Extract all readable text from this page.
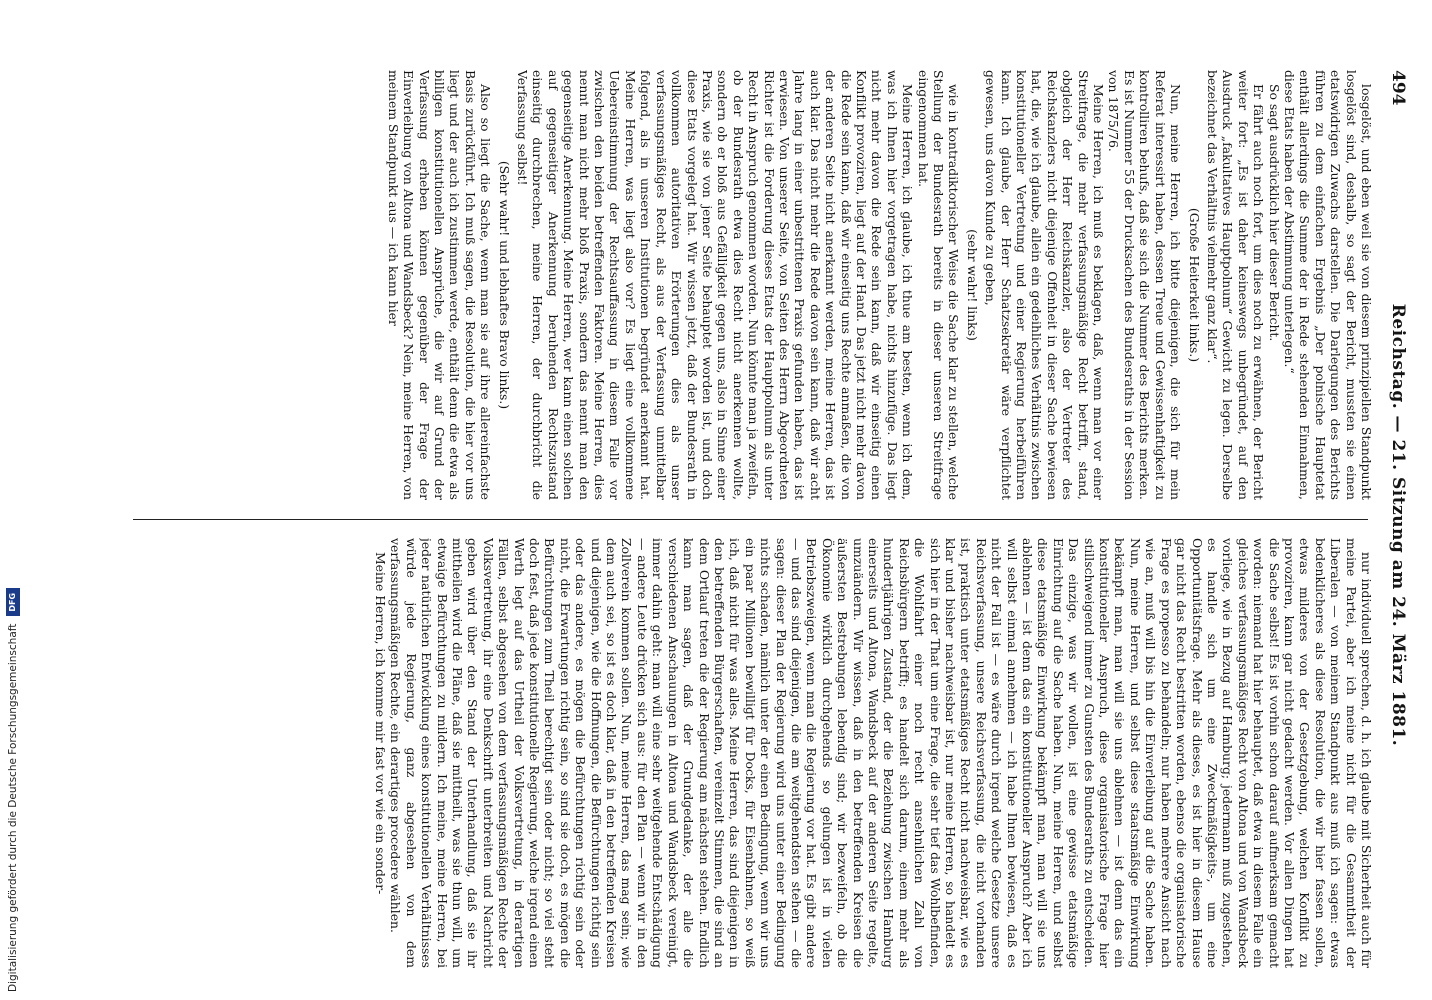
494
Reichstag. — 21. Sitzung am 24. März 1881.

losgelöst, und eben weil sie von diesem prinzipiellen Standpunkt losgelöst sind, deshalb, so sagt der Bericht, mussten sie einen etatswidrigen Zuwachs darstellen. Die Darlegungen des Berichts führen zu dem einfachen Ergebnis „Der polnische Hauptetat enthält allerdings die Summe der in Rede stehenden Einnahmen, diese Etats haben der Abstimmung unterlegen.“

So sagt ausdrücklich hier dieser Bericht.

Er fährt auch noch fort, um dies noch zu erwähnen, der Bericht weiter fort: „Es ist daher keineswegs unbegründet, auf den Ausdruck „fakultatives Hauptpolnum“ Gewicht zu legen. Derselbe bezeichnet das Verhältnis vielmehr ganz klar“.

(Große Heiterkeit links.)

Nun, meine Herren, ich bitte diejenigen, die sich für mein Referat interessirt haben, dessen Treue und Gewissenhaftigkeit zu kontrolliren behufs, daß sie sich die Nummer des Berichts merken. Es ist Nummer 55 der Drucksachen des Bundesraths in der Session von 1875/76.

Meine Herren, ich muß es beklagen, daß, wenn man vor einer Streitfrage, die mehr verfassungsmäßige Recht betrifft, stand, obgleich der Herr Reichskanzler, also der Vertreter des Reichskanzlers nicht diejenige Offenheit in dieser Sache bewiesen hat, die, wie ich glaube, allein ein gedeihliches Verhältnis zwischen konstitutioneller Vertretung und einer Regierung herbeiführen kann. Ich glaube, der Herr Schatzsekretär wäre verpflichtet gewesen, uns davon Kunde zu geben,

(sehr wahr! links)

wie in kontradiktorischer Weise die Sache klar zu stellen, welche Stellung der Bundesrath bereits in dieser unseren Streitfrage eingenommen hat.

Meine Herren, ich glaube, ich thue am besten, wenn ich dem, was ich Ihnen hier vorgetragen habe, nichts hinzufüge. Das liegt nicht mehr davon die Rede sein kann, daß wir einseitig einen Konflikt provoziren, liegt auf der Hand. Das jetzt nicht mehr davon die Rede sein kann, daß wir einseitig uns Rechte anmaßen, die von der anderen Seite nicht anerkannt werden, meine Herren, das ist auch klar. Das nicht mehr die Rede davon sein kann, daß wir acht Jahre lang in einer unbestrittenen Praxis gefunden haben, das ist erwiesen. Von unserer Seite, von Seiten des Herrn Abgeordneten Richter ist die Forderung dieses Etats der Hauptpolnum als unter Recht in Anspruch genommen worden. Nun könnte man ja zweifeln, ob der Bundesrath etwa dies Recht nicht anerkennen wollte, sondern ob er bloß aus Gefälligkeit gegen uns, also in Sinne einer Praxis, wie sie von jener Seite behauptet worden ist, und doch diese Etats vorgelegt hat. Wir wissen jetzt, daß der Bundesrath in vollkommen autoritativen Erörterungen dies als unser verfassungsmäßiges Recht, als aus der Verfassung unmittelbar folgend, als in unseren Institutionen begründet anerkannt hat. Meine Herren, was liegt also vor? Es liegt eine vollkommene Uebereinstimmung der Rechtsauffassung in diesem Falle vor zwischen den beiden betreffenden Faktoren. Meine Herren, dies nennt man nicht mehr bloß Praxis, sondern das nennt man den gegenseitige Anerkennung. Meine Herren, wer kann einen solchen auf gegenseitiger Anerkennung beruhenden Rechtszustand einseitig durchbrechen, meine Herren, der durchbricht die Verfassung selbst!

(Sehr wahr! und lebhaftes Bravo links.)

Also so liegt die Sache, wenn man sie auf ihre allereinfachste Basis zurückführt. Ich muß sagen, die Resolution, die hier vor uns liegt und der auch ich zustimmen werde, enthält denn die etwa als billigen konstitutionellen Ansprüche, die wir auf Grund der Verfassung erheben können gegenüber der Frage der Einverleibung von Altona und Wandsbeck? Nein, meine Herren, von meinem Standpunkt aus — ich kann hier

nur individuell sprechen, d. h. ich glaube mit Sicherheit auch für meine Partei, aber ich meine nicht für die Gesammtheit der Liberalen — von meinem Standpunkt aus muß ich sagen: etwas bedenklicheres als diese Resolution, die wir hier fassen sollen, etwas milderes von der Gesetzgebung, welchen Konflikt zu provoziren, kann gar nicht gedacht werden. Vor allen Dingen hat die Sache selbst! Es ist vorhin schon darauf aufmerksam gemacht worden: niemand hat hier behauptet, daß etwa in diesem Falle ein gleiches verfassungsmäßiges Recht von Altona und von Wandsbeck vorliege, wie in Bezug auf Hamburg; jedermann muß zugestehen, es handle sich um eine Zweckmäßigkeits-, um eine Opportunitätsfrage. Mehr als dieses, es ist hier in diesem Hause gar nicht das Recht bestritten worden, ebenso die organisatorische Frage es propesso zu behandeln; nur haben mehrere Ansicht nach wie an, muß will bis hin die Einverleibung auf die Sache haben. Nun, meine Herren, und selbst diese staatsmäßige Einwirkung bekämpft man, man will sie uns ablehnen — ist denn das ein konstitutioneller Anspruch, diese organisatorische Frage hier stillschweigend immer zu Gunsten des Bundesraths zu entscheiden. Das einzige, was wir wollen, ist eine gewisse etatsmäßige Einrichtung auf die Sache haben. Nun, meine Herren, und selbst diese etatsmäßige Einwirkung bekämpft man, man will sie uns ablehnen — ist denn das ein konstitutioneller Anspruch? Aber ich will selbst einmal annehmen — ich habe Ihnen bewiesen, daß es nicht der Fall ist — es wäre durch irgend welche Gesetze unsere Reichsverfassung, unsere Reichsverfassung, die nicht vorhanden ist, praktisch unter etatsmäßiges Recht nicht nachweisbar, wie es klar und bisher nachweisbar ist, nur meine Herren, so handelt es sich hier in der That um eine Frage, die sehr tief das Wohlbefinden, die Wohlfahrt einer noch recht ansehnlichen Zahl von Reichsbürgern betrifft; es handelt sich darum, einem mehr als hundertjährigen Zustand, der die Beziehung zwischen Hamburg einerseits und Altona, Wandsbeck auf der anderen Seite regelte, umzuändern. Wir wissen, daß in den betreffenden Kreisen die äußersten Bestrebungen lebendig sind; wir bezweifeln, ob die Ökonomie wirklich durchgehends so gelungen ist in vielen Betriebszweigen, wenn man die Regierung vor hat. Es gibt andere — und das sind diejenigen, die am weitgehendsten stehen — die sagen: dieser Plan der Regierung wird uns unter einer Bedingung nichts schaden, nämlich unter der einen Bedingung, wenn wir uns ein paar Millionen bewilligt für Docks, für Eisenbahnen, so weiß ich, daß nicht für was alles. Meine Herren, das sind diejenigen in den betreffenden Bürgerschaften, vereinzelt Stimmen, die sind an dem Ortlauf treten die der Regierung am nächsten stehen. Endlich kann man sagen, daß der Grundgedanke, der alle die verschiedenen Anschauungen in Altona und Wandsbeck vereinigt, immer dahin geht: man will eine sehr weitgehende Entschädigung — andere Leute drücken sich aus: für den Plan — wenn wir in den Zollverein kommen sollen. Nun, meine Herren, das mag sein; wie dem auch sei, so ist es doch klar, daß in den betreffenden Kreisen und diejenigen, wie die Hoffnungen, die Befürchtungen richtig sein oder das andere, es mögen die Befürchtungen richtig sein oder nicht, die Erwartungen richtig sein, so sind sie doch, es mögen die Befürchtungen zum Theil berechtigt sein oder nicht; so viel steht doch fest, daß jede konstitutionelle Regierung, welche irgend einen Werth legt auf das Urtheil der Volksvertretung, in derartigen Fällen, selbst abgesehen von dem verfassungsmäßigen Rechte der Volksvertretung, ihr eine Denkschrift unterbreiten und Nachricht geben wird über den Stand der Unterhandlung, daß sie ihr mittheilen wird die Pläne, daß sie mittheilt, was sie thun will, um etwaige Befürchtungen zu mildern. Ich meine, meine Herren, bei jeder natürlichen Entwicklung eines konstitutionellen Verhältnisses würde jede Regierung, ganz abgesehen von dem verfassungsmäßigen Rechte, ein derartiges procedere wählen.

Meine Herren, ich komme mir fast vor wie ein sonder-

Digitalisierung gefördert durch die Deutsche Forschungsgemeinschaft DFG
